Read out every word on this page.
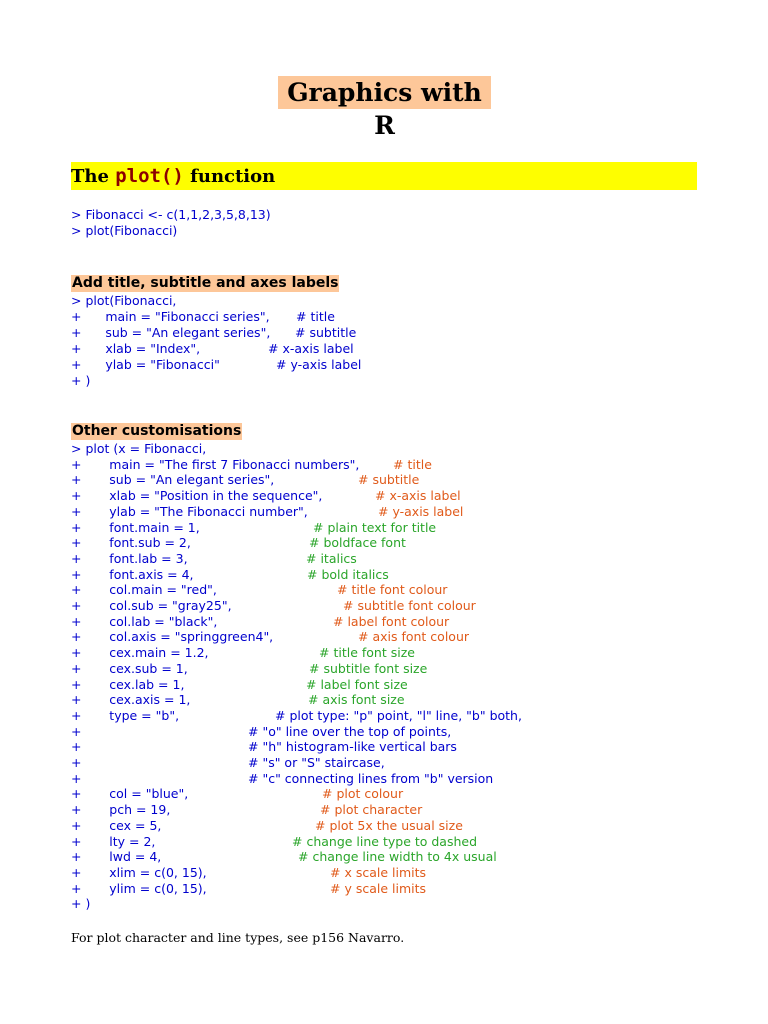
Graphics with R
The plot() function
> Fibonacci <- c(1,1,2,3,5,8,13)
> plot(Fibonacci)
Add title, subtitle and axes labels
> plot(Fibonacci,
+      main = "Fibonacci series", # title
+      sub = "An elegant series", # subtitle
+      xlab = "Index",	# x-axis label
+      ylab = "Fibonacci"	# y-axis label
+ )
Other customisations
> plot (x = Fibonacci,
+       main = "The first 7 Fibonacci numbers",	# title
+       sub = "An elegant series",	# subtitle
+       xlab = "Position in the sequence",	# x-axis label
+       ylab = "The Fibonacci number",	# y-axis label
+       font.main = 1,	# plain text for title
+       font.sub = 2,	# boldface font
+       font.lab = 3,	# italics
+       font.axis = 4,	# bold italics
+       col.main = "red",	# title font colour
+       col.sub = "gray25",	# subtitle font colour
+       col.lab = "black",	# label font colour
+       col.axis = "springgreen4",	# axis font colour
+       cex.main = 1.2,	# title font size
+       cex.sub = 1,	# subtitle font size
+       cex.lab = 1,	# label font size
+       cex.axis = 1,	# axis font size
+       type = "b",	# plot type: "p" point, "l" line, "b" both,
+	# "o" line over the top of points,
+	# "h" histogram-like vertical bars
+	# "s" or "S" staircase,
+	# "c" connecting lines from "b" version
+       col = "blue",	# plot colour
+       pch = 19,	# plot character
+       cex = 5,	# plot 5x the usual size
+       lty = 2,	# change line type to dashed
+       lwd = 4,	# change line width to 4x usual
+       xlim = c(0, 15),	# x scale limits
+       ylim = c(0, 15),	# y scale limits
+ )
For plot character and line types, see p156 Navarro.
